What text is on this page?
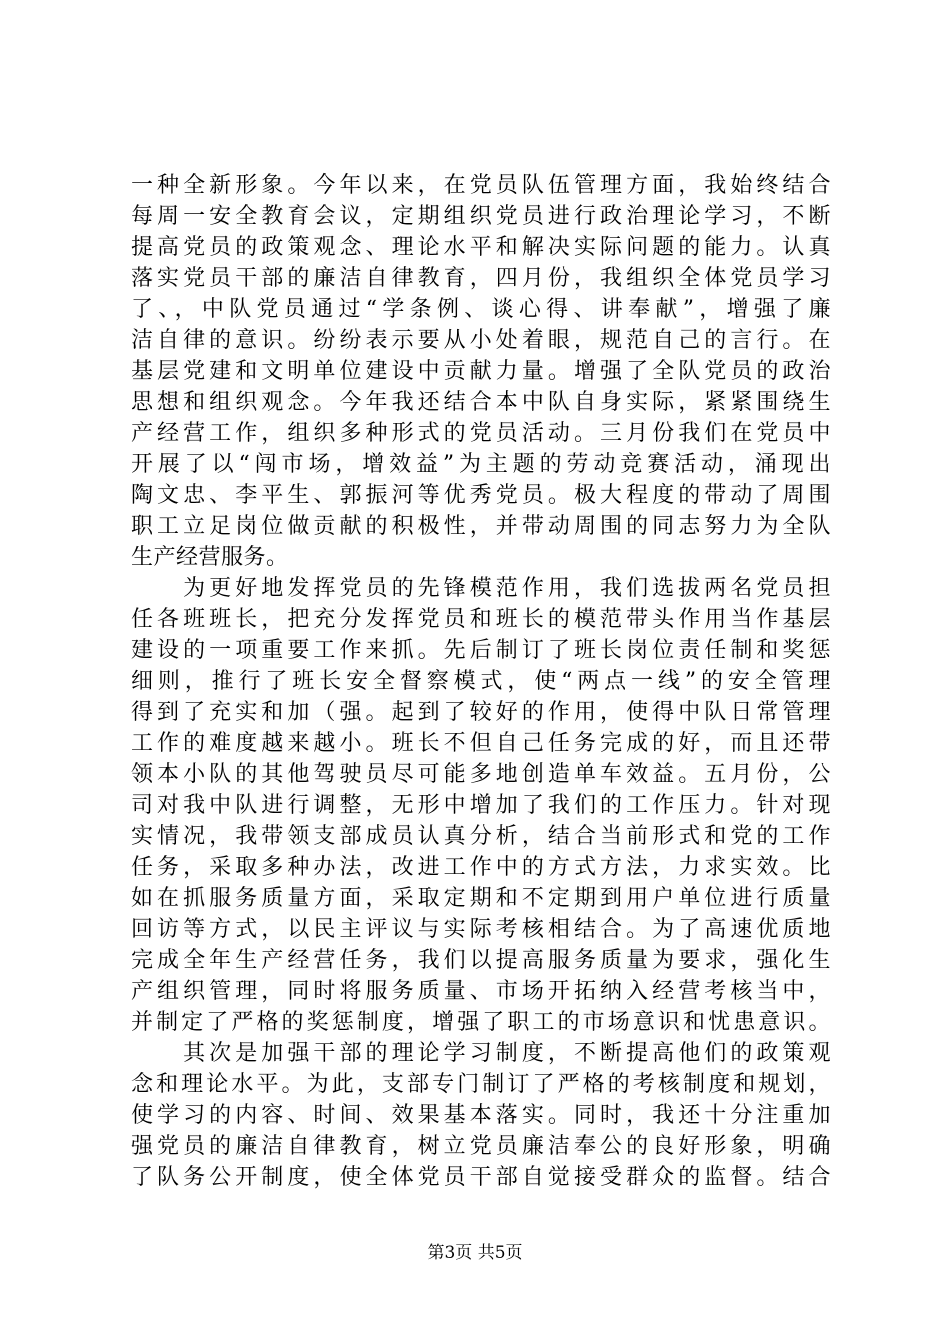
一种全新形象。今年以来，在党员队伍管理方面，我始终结合
每周一安全教育会议，定期组织党员进行政治理论学习，不断
提高党员的政策观念、理论水平和解决实际问题的能力。认真
落实党员干部的廉洁自律教育，四月份，我组织全体党员学习
了、，中队党员通过“学条例、谈心得、讲奉献”，增强了廉
洁自律的意识。纷纷表示要从小处着眼，规范自己的言行。在
基层党建和文明单位建设中贡献力量。增强了全队党员的政治
思想和组织观念。今年我还结合本中队自身实际，紧紧围绕生
产经营工作，组织多种形式的党员活动。三月份我们在党员中
开展了以“闯市场，增效益”为主题的劳动竞赛活动，涌现出
陶文忠、李平生、郭振河等优秀党员。极大程度的带动了周围
职工立足岗位做贡献的积极性，并带动周围的同志努力为全队
生产经营服务。
　　为更好地发挥党员的先锋模范作用，我们选拔两名党员担
任各班班长，把充分发挥党员和班长的模范带头作用当作基层
建设的一项重要工作来抓。先后制订了班长岗位责任制和奖惩
细则，推行了班长安全督察模式，使“两点一线”的安全管理
得到了充实和加（强。起到了较好的作用，使得中队日常管理
工作的难度越来越小。班长不但自己任务完成的好，而且还带
领本小队的其他驾驶员尽可能多地创造单车效益。五月份，公
司对我中队进行调整，无形中增加了我们的工作压力。针对现
实情况，我带领支部成员认真分析，结合当前形式和党的工作
任务，采取多种办法，改进工作中的方式方法，力求实效。比
如在抓服务质量方面，采取定期和不定期到用户单位进行质量
回访等方式，以民主评议与实际考核相结合。为了高速优质地
完成全年生产经营任务，我们以提高服务质量为要求，强化生
产组织管理，同时将服务质量、市场开拓纳入经营考核当中，
并制定了严格的奖惩制度，增强了职工的市场意识和忧患意识。
　　其次是加强干部的理论学习制度，不断提高他们的政策观
念和理论水平。为此，支部专门制订了严格的考核制度和规划，
使学习的内容、时间、效果基本落实。同时，我还十分注重加
强党员的廉洁自律教育，树立党员廉洁奉公的良好形象，明确
了队务公开制度，使全体党员干部自觉接受群众的监督。结合
第3页 共5页
